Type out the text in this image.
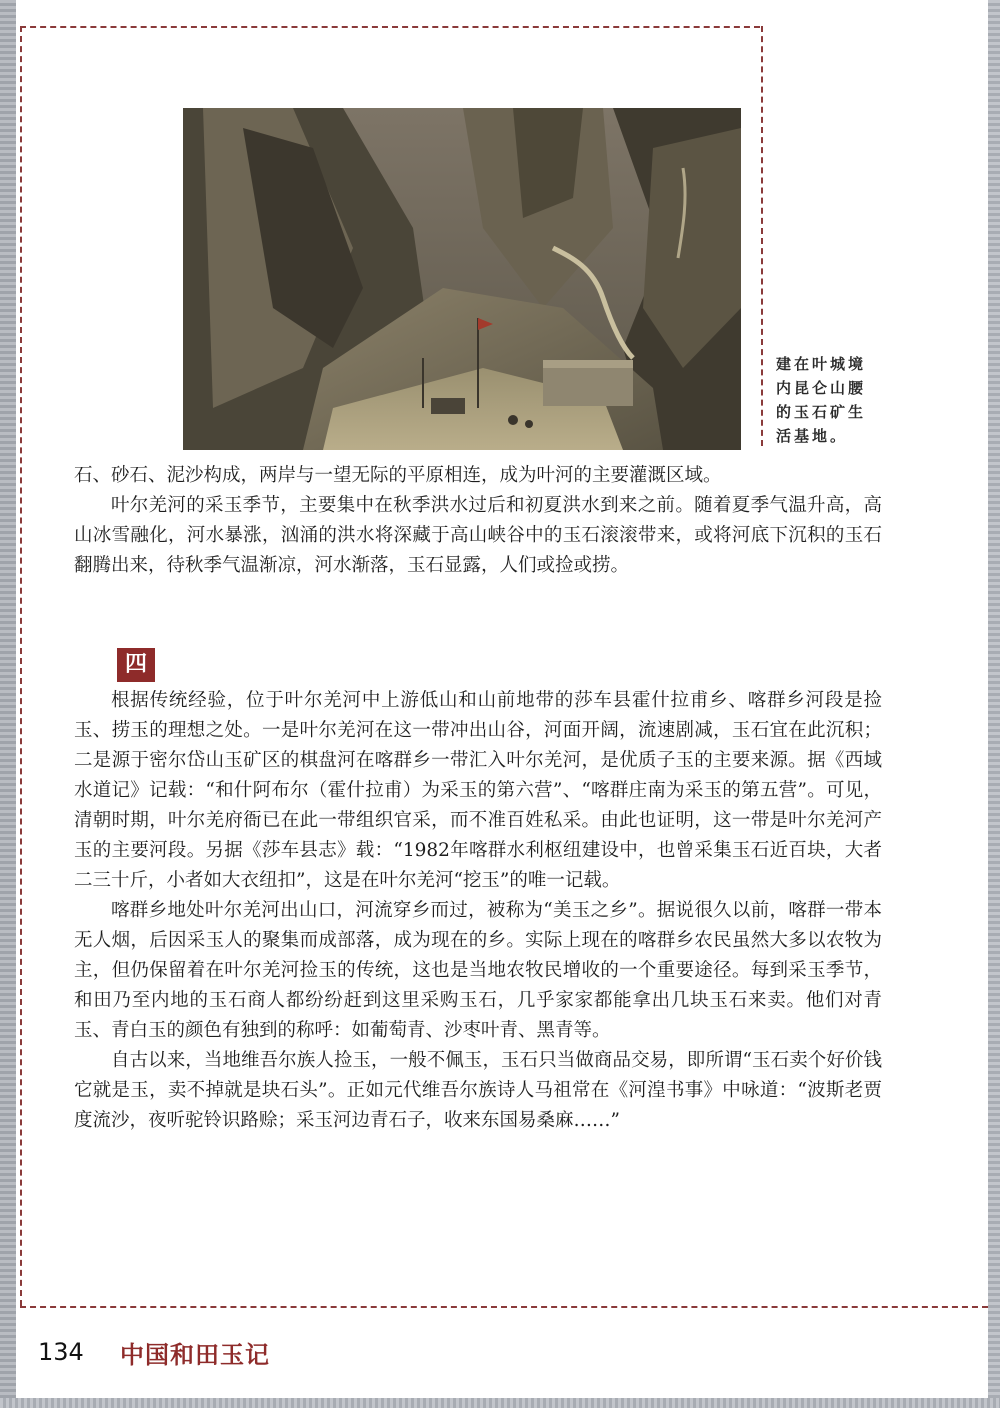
建在叶城境
内昆仑山腰
的玉石矿生
活基地。

石、砂石、泥沙构成，两岸与一望无际的平原相连，成为叶河的主要灌溉区域。

叶尔羌河的采玉季节，主要集中在秋季洪水过后和初夏洪水到来之前。随着夏季气温升高，高山冰雪融化，河水暴涨，汹涌的洪水将深藏于高山峡谷中的玉石滚滚带来，或将河底下沉积的玉石翻腾出来，待秋季气温渐凉，河水渐落，玉石显露，人们或捡或捞。

四

根据传统经验，位于叶尔羌河中上游低山和山前地带的莎车县霍什拉甫乡、喀群乡河段是捡玉、捞玉的理想之处。一是叶尔羌河在这一带冲出山谷，河面开阔，流速剧减，玉石宜在此沉积；二是源于密尔岱山玉矿区的棋盘河在喀群乡一带汇入叶尔羌河，是优质子玉的主要来源。据《西域水道记》记载：“和什阿布尔（霍什拉甫）为采玉的第六营”、“喀群庄南为采玉的第五营”。可见，清朝时期，叶尔羌府衙已在此一带组织官采，而不准百姓私采。由此也证明，这一带是叶尔羌河产玉的主要河段。另据《莎车县志》载：“1982年喀群水利枢纽建设中，也曾采集玉石近百块，大者二三十斤，小者如大衣纽扣”，这是在叶尔羌河“挖玉”的唯一记载。

喀群乡地处叶尔羌河出山口，河流穿乡而过，被称为“美玉之乡”。据说很久以前，喀群一带本无人烟，后因采玉人的聚集而成部落，成为现在的乡。实际上现在的喀群乡农民虽然大多以农牧为主，但仍保留着在叶尔羌河捡玉的传统，这也是当地农牧民增收的一个重要途径。每到采玉季节，和田乃至内地的玉石商人都纷纷赶到这里采购玉石，几乎家家都能拿出几块玉石来卖。他们对青玉、青白玉的颜色有独到的称呼：如葡萄青、沙枣叶青、黑青等。

自古以来，当地维吾尔族人捡玉，一般不佩玉，玉石只当做商品交易，即所谓“玉石卖个好价钱它就是玉，卖不掉就是块石头”。正如元代维吾尔族诗人马祖常在《河湟书事》中咏道：“波斯老贾度流沙，夜听驼铃识路赊；采玉河边青石子，收来东国易桑麻……”

134 中国和田玉记
